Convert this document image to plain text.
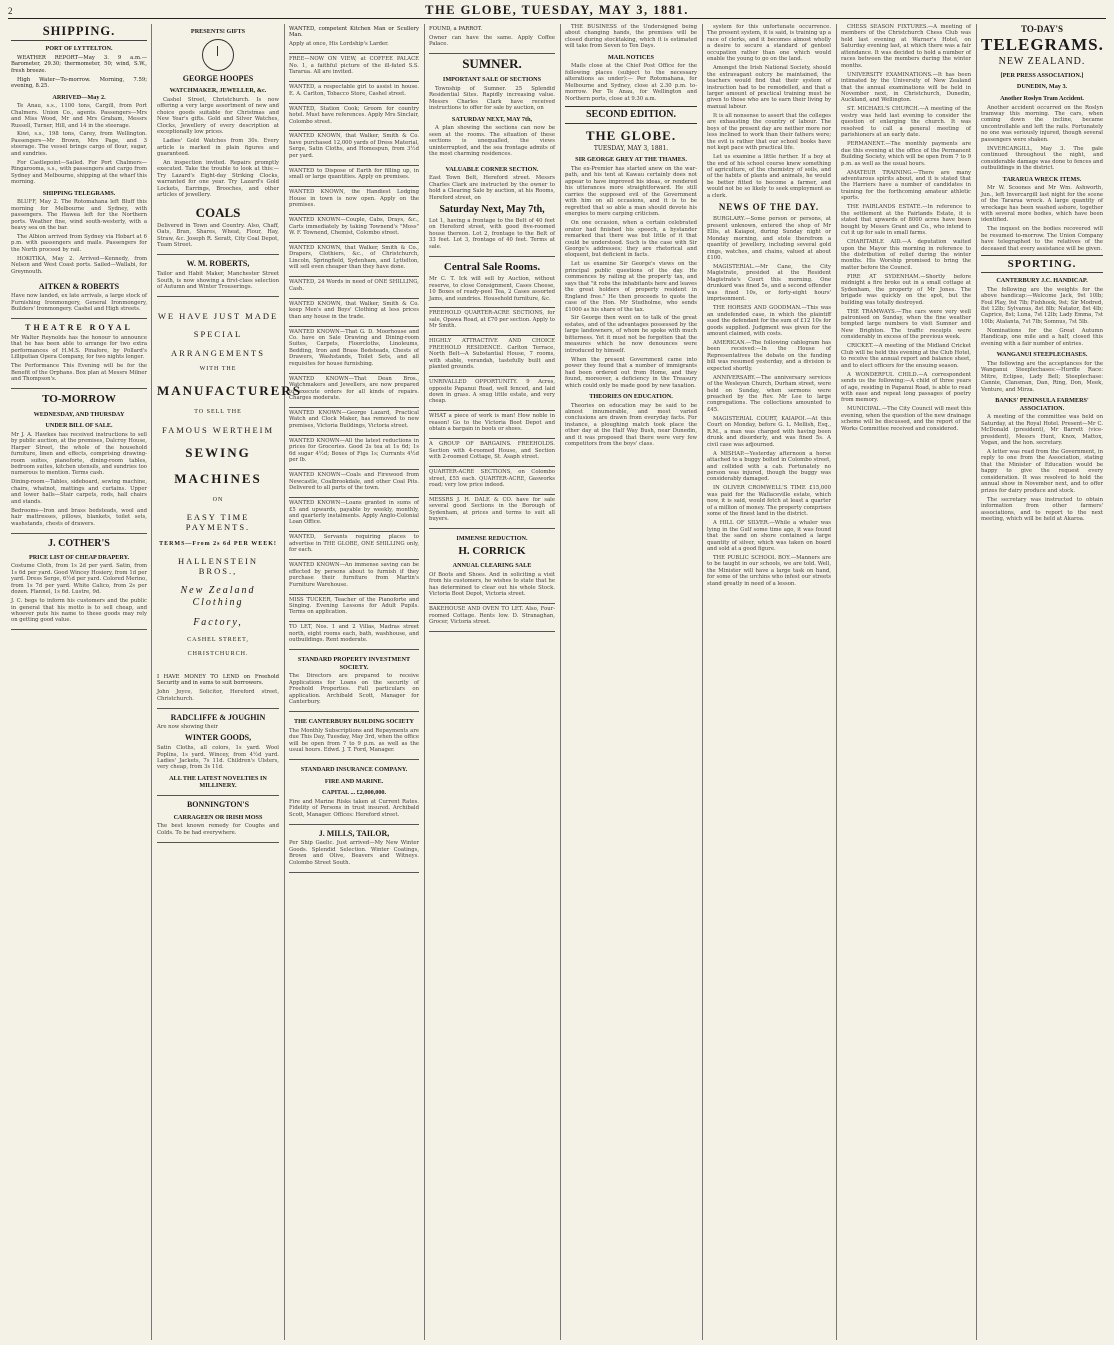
2	THE GLOBE, TUESDAY, MAY 3, 1881.
SHIPPING.
PORT OF LYTTELTON.

WEATHER REPORT—May 3. 9 a.m.—Barometer, 29.30; thermometer, 50; wind, S.W., fresh breeze.

High Water—To-morrow. Morning, 7.59; evening, 8.25.

ARRIVED—May 2.

Te Anau, s.s., 1100 tons, Cargill, from Port Chalmers. Union Co., agents. Passengers—Mrs and Miss Wood, Mr and Mrs Graham, Messrs Russell, Turner, Hill, and 14 in the steerage.

Kiwi, s.s., 198 tons, Carey, from Wellington. Passengers—Mr Brown, Mrs Page, and 3 steerage. The vessel brings cargo of flour, sugar, and sundries.

For Castlepoint—Sailed. For Port Chalmers—Ringarooma, s.s., with passengers and cargo from Sydney and Melbourne, shipping at the wharf this morning.

SHIPPING TELEGRAMS.

BLUFF, May 2. The Rotomahana left Bluff this morning for Melbourne and Sydney, with passengers. The Hawea left for the Northern ports. Weather fine, wind south-westerly, with a heavy sea on the bar.

The Albion arrived from Sydney via Hobart at 6 p.m. with passengers and mails. Passengers for the North proceed by rail.

HOKITIKA, May 2. Arrived—Kennedy, from Nelson and West Coast ports. Sailed—Wallabi, for Greymouth.

AITKEN & ROBERTS

Have now landed, ex late arrivals, a large stock of Furnishing Ironmongery, General Ironmongery, Builders' Ironmongery. Cashel and High streets.

THEATRE ROYAL

Mr Walter Reynolds has the honour to announce that he has been able to arrange for two extra performances of H.M.S. Pinafore, by Pollard's Lilliputian Opera Company, for two nights longer.

The Performance This Evening will be for the Benefit of the Orphans. Box plan at Messrs Milner and Thompson's.

TO-MORROW
WEDNESDAY, AND THURSDAY
UNDER BILL OF SALE.

Mr J. A. Hawkes has received instructions to sell by public auction, at the premises, Dalcroy House, Harper Street, the whole of the household furniture, linen and effects, comprising drawing-room suites, pianoforte, dining-room tables, bedroom suites, kitchen utensils, and sundries too numerous to mention. Terms cash.

Dining-room—Tables, sideboard, sewing machine, chairs, whatnot, mattings and curtains. Upper and lower halls—Stair carpets, rods, hall chairs and stands.

Bedrooms—Iron and brass bedsteads, wool and hair mattresses, pillows, blankets, toilet sets, washstands, chests of drawers.

J. COTHER'S
PRICE LIST OF CHEAP DRAPERY.

Costume Cloth, from 1s 2d per yard. Satin, from 1s 6d per yard. Good Wincey Hosiery, from 1d per yard. Dress Serge, 6½d per yard. Colored Merino, from 1s 7d per yard. White Calico, from 2s per dozen. Flannel, 1s 6d. Lustre, 9d.

J. C. begs to inform his customers and the public in general that his motto is to sell cheap, and whoever puts his name to these goods may rely on getting good value.

PRESENTS! GIFTS
GEORGE HOOPES
WATCHMAKER, JEWELLER, &c.

Cashel Street, Christchurch. Is now offering a very large assortment of new and choice goods suitable for Christmas and New Year's gifts. Gold and Silver Watches, Clocks, Jewellery of every description at exceptionally low prices.

Ladies' Gold Watches from 30s. Every article is marked in plain figures and guaranteed.

An inspection invited. Repairs promptly executed. Take the trouble to look at this:—Try Lazard's Eight-day Striking Clocks, warranted for one year. Try Lazard's Gold Lockets, Earrings, Brooches, and other articles of jewellery.

COALS

Delivered in Town and Country. Also, Chaff, Oats, Bran, Shares, Wheat, Flour, Hay, Straw, &c. Joseph R. Seratt, City Coal Depot, Tuam Street.

W. M. ROBERTS,

Tailor and Habit Maker, Manchester Street South, is now showing a first-class selection of Autumn and Winter Trouserings.

WE HAVE JUST MADE
SPECIAL
ARRANGEMENTS
WITH THE
MANUFACTURERS
TO SELL THE
FAMOUS WERTHEIM
SEWING
MACHINES
ON
EASY TIME PAYMENTS.
TERMS—From 2s 6d PER WEEK!
HALLENSTEIN BROS.,
New Zealand Clothing
Factory,
CASHEL STREET,
CHRISTCHURCH.

I HAVE MONEY TO LEND on Freehold Security and in sums to suit borrowers.

John Joyce, Solicitor, Hereford street, Christchurch.

RADCLIFFE & JOUGHIN

Are now showing their

WINTER GOODS,

Satin Cloths, all colors, 1s yard. Wool Poplins, 1s yard. Wincey, from 4½d yard. Ladies' Jackets, 7s 11d. Children's Ulsters, very cheap, from 3s 11d.

ALL THE LATEST NOVELTIES IN MILLINERY.
BONNINGTON'S
CARRAGEEN OR IRISH MOSS

The best known remedy for Coughs and Colds. To be had everywhere.

WANTED, competent Kitchen Man or Scullery Man.

Apply at once, His Lordship's Larder.

FREE—NOW ON VIEW, at COFFEE PALACE No. 1, a faithful picture of the ill-fated S.S. Tararua. All are invited.

WANTED, a respectable girl to assist in house. E. A. Carlton, Tobacco Store, Cashel street.

WANTED, Station Cook; Groom for country hotel. Must have references. Apply Mrs Sinclair, Colombo street.

WANTED KNOWN, that Walker, Smith & Co. have purchased 12,000 yards of Dress Material, Serge, Satin Cloths, and Homespun, from 3½d per yard.

WANTED to Dispose of Earth for filling up, in small or large quantities. Apply on premises.

WANTED KNOWN, the Handiest Lodging House in town is now open. Apply on the premises.

WANTED KNOWN—Couple, Cabs, Drays, &c., Carts immediately by taking Townend's "Moss" W. F. Townend, Chemist, Colombo street.

WANTED KNOWN, that Walker, Smith & Co., Drapers, Clothiers, &c., of Christchurch, Lincoln, Springfield, Sydenham, and Lyttelton, will sell even cheaper than they have done.

WANTED, 24 Words in need of ONE SHILLING, Cash.

WANTED KNOWN, that Walker, Smith & Co. keep Men's and Boys' Clothing at less prices than any house in the trade.

WANTED KNOWN—That G. D. Moorhouse and Co. have on Sale Drawing and Dining-room Suites, Carpets, Floorcloths, Linoleums, Bedding, Iron and Brass Bedsteads, Chests of Drawers, Washstands, Toilet Sets, and all requisites for house furnishing.

WANTED KNOWN—That Dean Bros., Watchmakers and Jewellers, are now prepared to execute orders for all kinds of repairs. Charges moderate.

WANTED KNOWN—George Lazard, Practical Watch and Clock Maker, has removed to new premises, Victoria Buildings, Victoria street.

WANTED KNOWN—All the latest reductions in prices for Groceries. Good 2s tea at 1s 6d; 1s 6d sugar 4½d; Boxes of Figs 1s; Currants 4½d per lb.

WANTED KNOWN—Coals and Firewood from Newcastle, Coalbrookdale, and other Coal Pits. Delivered to all parts of the town.

WANTED KNOWN—Loans granted in sums of £5 and upwards, payable by weekly, monthly, and quarterly instalments. Apply Anglo-Colonial Loan Office.

WANTED, Servants requiring places to advertise in THE GLOBE, ONE SHILLING only, for each.

WANTED KNOWN—An immense saving can be effected by persons about to furnish if they purchase their furniture from Martin's Furniture Warehouse.

MISS TUCKER, Teacher of the Pianoforte and Singing. Evening Lessons for Adult Pupils. Terms on application.

TO LET, Nos. 1 and 2 Villas, Madras street north, eight rooms each, bath, washhouse, and outbuildings. Rent moderate.

STANDARD PROPERTY INVESTMENT SOCIETY.

The Directors are prepared to receive Applications for Loans on the security of Freehold Properties. Full particulars on application. Archibald Scott, Manager for Canterbury.

THE CANTERBURY BUILDING SOCIETY

The Monthly Subscriptions and Repayments are due This Day, Tuesday, May 3rd, when the office will be open from 7 to 9 p.m. as well as the usual hours. Edwd. J. T. Ford, Manager.

STANDARD INSURANCE COMPANY.
FIRE AND MARINE.
CAPITAL ... £2,000,000.

Fire and Marine Risks taken at Current Rates. Fidelity of Persons in trust insured. Archibald Scott, Manager. Offices: Hereford street.

J. MILLS, TAILOR,

Per Ship Gaelic. Just arrived—My New Winter Goods. Splendid Selection. Winter Coatings, Brown and Olive, Beavers and Witneys. Colombo Street South.

FOUND, a PARROT.

Owner can have the same. Apply Coffee Palace.

SUMNER.
IMPORTANT SALE OF SECTIONS

Township of Sumner. 25 Splendid Residential Sites. Rapidly increasing value. Messrs Charles Clark have received instructions to offer for sale by auction, on

SATURDAY NEXT, MAY 7th,

A plan showing the sections can now be seen at the rooms. The situation of these sections is unequalled, the views uninterrupted, and the sea frontage admits of the most charming residences.

VALUABLE CORNER SECTION.

East Town Belt, Hereford street. Messrs Charles Clark are instructed by the owner to hold a Clearing Sale by auction, at his Rooms, Hereford street, on

Saturday Next, May 7th,

Lot 1, having a frontage to the Belt of 40 feet on Hereford street, with good five-roomed house thereon. Lot 2, frontage to the Belt of 33 feet. Lot 3, frontage of 40 feet. Terms at sale.

Central Sale Rooms.

Mr C. T. Ick will sell by Auction, without reserve, to close Consignment, Cases Cheese, 10 Boxes of ready-peel Tea, 2 Cases assorted Jams, and sundries. Household furniture, &c.

FREEHOLD QUARTER-ACRE SECTIONS, for sale, Opawa Road, at £70 per section. Apply to Mr Smith.

HIGHLY ATTRACTIVE AND CHOICE FREEHOLD RESIDENCE. Carlton Terrace, North Belt—A Substantial House, 7 rooms, with stable, verandah, tastefully built and planted grounds.

UNRIVALLED OPPORTUNITY. 9 Acres, opposite Papanui Road, well fenced, and laid down in grass. A snug little estate, and very cheap.

WHAT a piece of work is man! How noble in reason! Go to the Victoria Boot Depot and obtain a bargain in boots or shoes.

A GROUP OF BARGAINS. FREEHOLDS. Section with 4-roomed House, and Section with 2-roomed Cottage, St. Asaph street.

QUARTER-ACRE SECTIONS, on Colombo street, £55 each. QUARTER-ACRE, Gasworks road; very low price indeed.

MESSRS J. H. DALE & CO. have for sale several good Sections in the Borough of Sydenham, at prices and terms to suit all buyers.

IMMENSE REDUCTION.
H. CORRICK
ANNUAL CLEARING SALE

Of Boots and Shoes. And in soliciting a visit from his customers, he wishes to state that he has determined to clear out his whole Stock. Victoria Boot Depot, Victoria street.

BAKEHOUSE AND OVEN TO LET. Also, Four-roomed Cottage. Rents low. D. Stranaghan, Grocer, Victoria street.

THE BUSINESS of the Undersigned being about changing hands, the premises will be closed during stocktaking, which it is estimated will take from Seven to Ten Days.

MAIL NOTICES

Mails close at the Chief Post Office for the following places (subject to the necessary alterations as under):— Per Rotomahana, for Melbourne and Sydney, close at 2.30 p.m. to-morrow. Per Te Anau, for Wellington and Northern ports, close at 9.30 a.m.

SECOND EDITION.
THE GLOBE.
TUESDAY, MAY 3, 1881.
SIR GEORGE GREY AT THE THAMES.

The ex-Premier has started anew on the war-path, and his tent at Kawau certainly does not appear to have improved his ideas, or rendered his utterances more straightforward. He still carries the supposed evil of the Government with him on all occasions, and it is to be regretted that so able a man should devote his energies to mere carping criticism.

On one occasion, when a certain celebrated orator had finished his speech, a bystander remarked that there was but little of it that could be understood. Such is the case with Sir George's addresses; they are rhetorical and eloquent, but deficient in facts.

Let us examine Sir George's views on the principal public questions of the day. He commences by railing at the property tax, and says that "it robs the inhabitants here and leaves the great holders of property resident in England free." He then proceeds to quote the case of the Hon. Mr Studholme, who sends £1000 as his share of the tax.

Sir George then went on to talk of the great estates, and of the advantages possessed by the large landowners, of whom he spoke with much bitterness. Yet it must not be forgotten that the measures which he now denounces were introduced by himself.

When the present Government came into power they found that a number of immigrants had been ordered out from Home, and they found, moreover, a deficiency in the Treasury which could only be made good by new taxation.

THEORIES ON EDUCATION.

Theories on education may be said to be almost innumerable, and most varied conclusions are drawn from everyday facts. For instance, a ploughing match took place the other day at the Half Way Bush, near Dunedin, and it was proposed that there were very few competitors from the boys' class.

system for this unfortunate occurrence. The present system, it is said, is training up a race of clerks, and it becomes almost wholly a desire to secure a standard of genteel occupation rather than one which would enable the young to go on the land.

Amongst the Irish National Society, should the extravagant outcry be maintained, the teachers would find that their system of instruction had to be remodelled, and that a larger amount of practical training must be given to those who are to earn their living by manual labour.

It is all nonsense to assert that the colleges are exhausting the country of labour. The boys of the present day are neither more nor less inclined to work than their fathers were; the evil is rather that our school books have not kept pace with practical life.

Let us examine a little further. If a boy at the end of his school course knew something of agriculture, of the chemistry of soils, and of the habits of plants and animals, he would be better fitted to become a farmer, and would not be so likely to seek employment as a clerk.

NEWS OF THE DAY.

BURGLARY.—Some person or persons, at present unknown, entered the shop of Mr Ellis, at Kaiapoi, during Sunday night or Monday morning, and stole therefrom a quantity of jewellery, including several gold rings, watches, and chains, valued at about £100.

MAGISTERIAL.—Mr Cane, the City Magistrate, presided at the Resident Magistrate's Court this morning. One drunkard was fined 5s, and a second offender was fined 10s, or forty-eight hours' imprisonment.

THE HORSES AND GOODMAN.—This was an undefended case, in which the plaintiff sued the defendant for the sum of £12 10s for goods supplied. Judgment was given for the amount claimed, with costs.

AMERICAN.—The following cablegram has been received:—In the House of Representatives the debate on the funding bill was resumed yesterday, and a division is expected shortly.

ANNIVERSARY.—The anniversary services of the Wesleyan Church, Durham street, were held on Sunday, when sermons were preached by the Rev. Mr Lee to large congregations. The collections amounted to £45.

MAGISTERIAL COURT, KAIAPOI.—At this Court on Monday, before G. L. Mellish, Esq., R.M., a man was charged with having been drunk and disorderly, and was fined 5s. A civil case was adjourned.

A MISHAP.—Yesterday afternoon a horse attached to a buggy bolted in Colombo street, and collided with a cab. Fortunately no person was injured, though the buggy was considerably damaged.

IN OLIVER CROMWELL'S TIME £15,000 was paid for the Wallaceville estate, which now, it is said, would fetch at least a quarter of a million of money. The property comprises some of the finest land in the district.

A HILL OF SILVER.—While a whaler was lying in the Gulf some time ago, it was found that the sand on shore contained a large quantity of silver, which was taken on board and sold at a good figure.

THE PUBLIC SCHOOL BOY.—Manners are to be taught in our schools, we are told. Well, the Minister will have a large task on hand, for some of the urchins who infest our streets stand greatly in need of a lesson.

CHESS SEASON FIXTURES.—A meeting of members of the Christchurch Chess Club was held last evening at Warner's Hotel, on Saturday evening last, at which there was a fair attendance. It was decided to hold a number of races between the members during the winter months.

UNIVERSITY EXAMINATIONS.—It has been intimated by the University of New Zealand that the annual examinations will be held in November next, in Christchurch, Dunedin, Auckland, and Wellington.

ST. MICHAEL'S CHURCH.—A meeting of the vestry was held last evening to consider the question of enlarging the church. It was resolved to call a general meeting of parishioners at an early date.

PERMANENT.—The monthly payments are due this evening at the office of the Permanent Building Society, which will be open from 7 to 9 p.m. as well as the usual hours.

AMATEUR TRAINING.—There are many adventurous spirits about, and it is stated that the Harriers have a number of candidates in training for the forthcoming amateur athletic sports.

THE FAIRLANDS ESTATE.—In reference to the settlement at the Fairlands Estate, it is stated that upwards of 8000 acres have been bought by Messrs Grant and Co., who intend to cut it up for sale in small farms.

CHARITABLE AID.—A deputation waited upon the Mayor this morning in reference to the distribution of relief during the winter months. His Worship promised to bring the matter before the Council.

FIRE AT SYDENHAM.—Shortly before midnight a fire broke out in a small cottage at Sydenham, the property of Mr Jones. The brigade was quickly on the spot, but the building was totally destroyed.

THE TRAMWAYS.—The cars were very well patronised on Sunday, when the fine weather tempted large numbers to visit Sumner and New Brighton. The traffic receipts were considerably in excess of the previous week.

CRICKET.—A meeting of the Midland Cricket Club will be held this evening at the Club Hotel, to receive the annual report and balance sheet, and to elect officers for the ensuing season.

A WONDERFUL CHILD.—A correspondent sends us the following:—A child of three years of age, residing in Papanui Road, is able to read with ease and repeat long passages of poetry from memory.

MUNICIPAL.—The City Council will meet this evening, when the question of the new drainage scheme will be discussed, and the report of the Works Committee received and considered.

TO-DAY'S
TELEGRAMS.
NEW ZEALAND.
[PER PRESS ASSOCIATION.]
DUNEDIN, May 3.
Another Roslyn Tram Accident.

Another accident occurred on the Roslyn tramway this morning. The cars, when coming down the incline, became uncontrollable and left the rails. Fortunately no one was seriously injured, though several passengers were shaken.

INVERCARGILL, May 3. The gale continued throughout the night, and considerable damage was done to fences and outbuildings in the district.

TARARUA WRECK ITEMS.

Mr W. Scoones and Mr Wm. Ashworth, Jun., left Invercargill last night for the scene of the Tararua wreck. A large quantity of wreckage has been washed ashore, together with several more bodies, which have been identified.

The inquest on the bodies recovered will be resumed to-morrow. The Union Company have telegraphed to the relatives of the deceased that every assistance will be given.

SPORTING.
CANTERBURY J.C. HANDICAP.

The following are the weights for the above handicap:—Welcome Jack, 9st 10lb; Foul Play, 9st 7lb; Fishhook, 9st; Sir Modred, 8st 12lb; Sylvanus, 8st 8lb; Natator, 8st 4lb; Caprice, 8st; Luna, 7st 12lb; Lady Emma, 7st 10lb; Atalanta, 7st 7lb; Somnus, 7st 5lb.

Nominations for the Great Autumn Handicap, one mile and a half, closed this evening with a fair number of entries.

WANGANUI STEEPLECHASES.

The following are the acceptances for the Wanganui Steeplechases:—Hurdle Race: Mitre, Eclipse, Lady Bell; Steeplechase: Cannie, Clansman, Dan, Ring, Don, Meek, Venture, and Mirza.

BANKS' PENINSULA FARMERS' ASSOCIATION.

A meeting of the committee was held on Saturday, at the Royal Hotel. Present—Mr C. McDonald (president), Mr Barrett (vice-president), Messrs Hunt, Knox, Mattox, Vogan, and the hon. secretary.

A letter was read from the Government, in reply to one from the Association, stating that the Minister of Education would be happy to give the request every consideration. It was resolved to hold the annual show in November next, and to offer prizes for dairy produce and stock.

The secretary was instructed to obtain information from other farmers' associations, and to report to the next meeting, which will be held at Akaroa.
